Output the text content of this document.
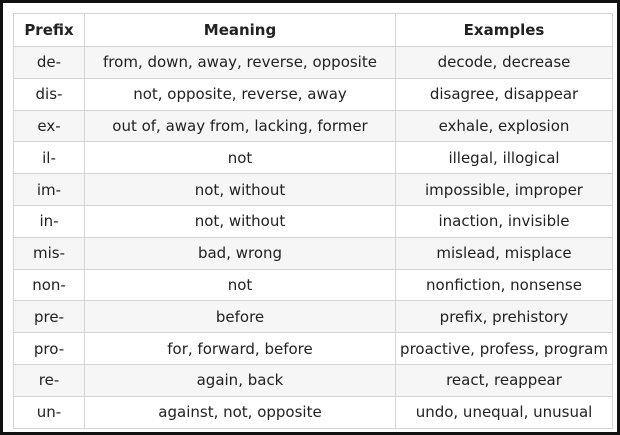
Prefix	Meaning	Examples
de-	from, down, away, reverse, opposite	decode, decrease
dis-	not, opposite, reverse, away	disagree, disappear
ex-	out of, away from, lacking, former	exhale, explosion
il-	not	illegal, illogical
im-	not, without	impossible, improper
in-	not, without	inaction, invisible
mis-	bad, wrong	mislead, misplace
non-	not	nonfiction, nonsense
pre-	before	prefix, prehistory
pro-	for, forward, before	proactive, profess, program
re-	again, back	react, reappear
un-	against, not, opposite	undo, unequal, unusual
